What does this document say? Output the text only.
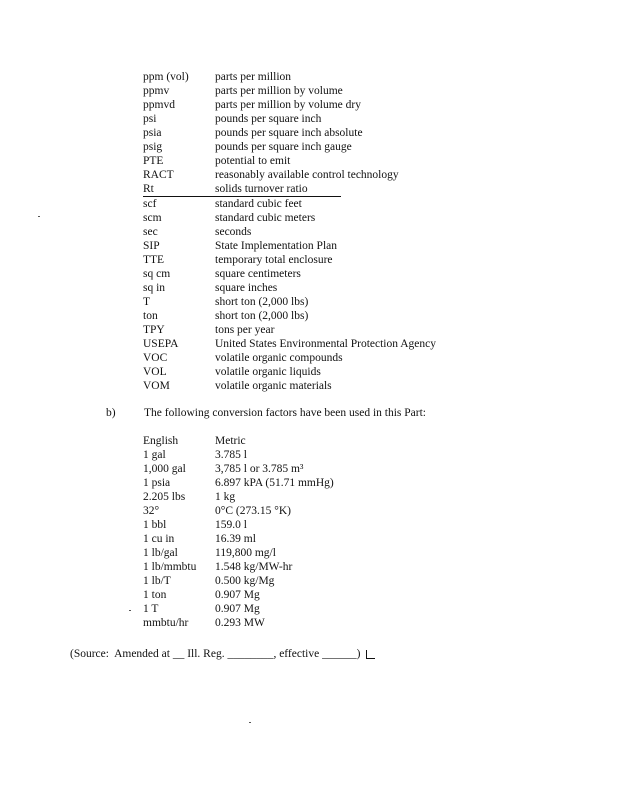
ppm (vol)	parts per million
ppmv	parts per million by volume
ppmvd	parts per million by volume dry
psi	pounds per square inch
psia	pounds per square inch absolute
psig	pounds per square inch gauge
PTE	potential to emit
RACT	reasonably available control technology
Rt	solids turnover ratio
scf	standard cubic feet
scm	standard cubic meters
sec	seconds
SIP	State Implementation Plan
TTE	temporary total enclosure
sq cm	square centimeters
sq in	square inches
T	short ton (2,000 lbs)
ton	short ton (2,000 lbs)
TPY	tons per year
USEPA	United States Environmental Protection Agency
VOC	volatile organic compounds
VOL	volatile organic liquids
VOM	volatile organic materials
b)	The following conversion factors have been used in this Part:
English	Metric
1 gal	3.785 l
1,000 gal	3,785 l or 3.785 m³
1 psia	6.897 kPA (51.71 mmHg)
2.205 lbs	1 kg
32°	0°C (273.15 °K)
1 bbl	159.0 l
1 cu in	16.39 ml
1 lb/gal	119,800 mg/l
1 lb/mmbtu	1.548 kg/MW-hr
1 lb/T	0.500 kg/Mg
1 ton	0.907 Mg
1 T	0.907 Mg
mmbtu/hr	0.293 MW
(Source:  Amended at __ Ill. Reg. ________, effective ______)
